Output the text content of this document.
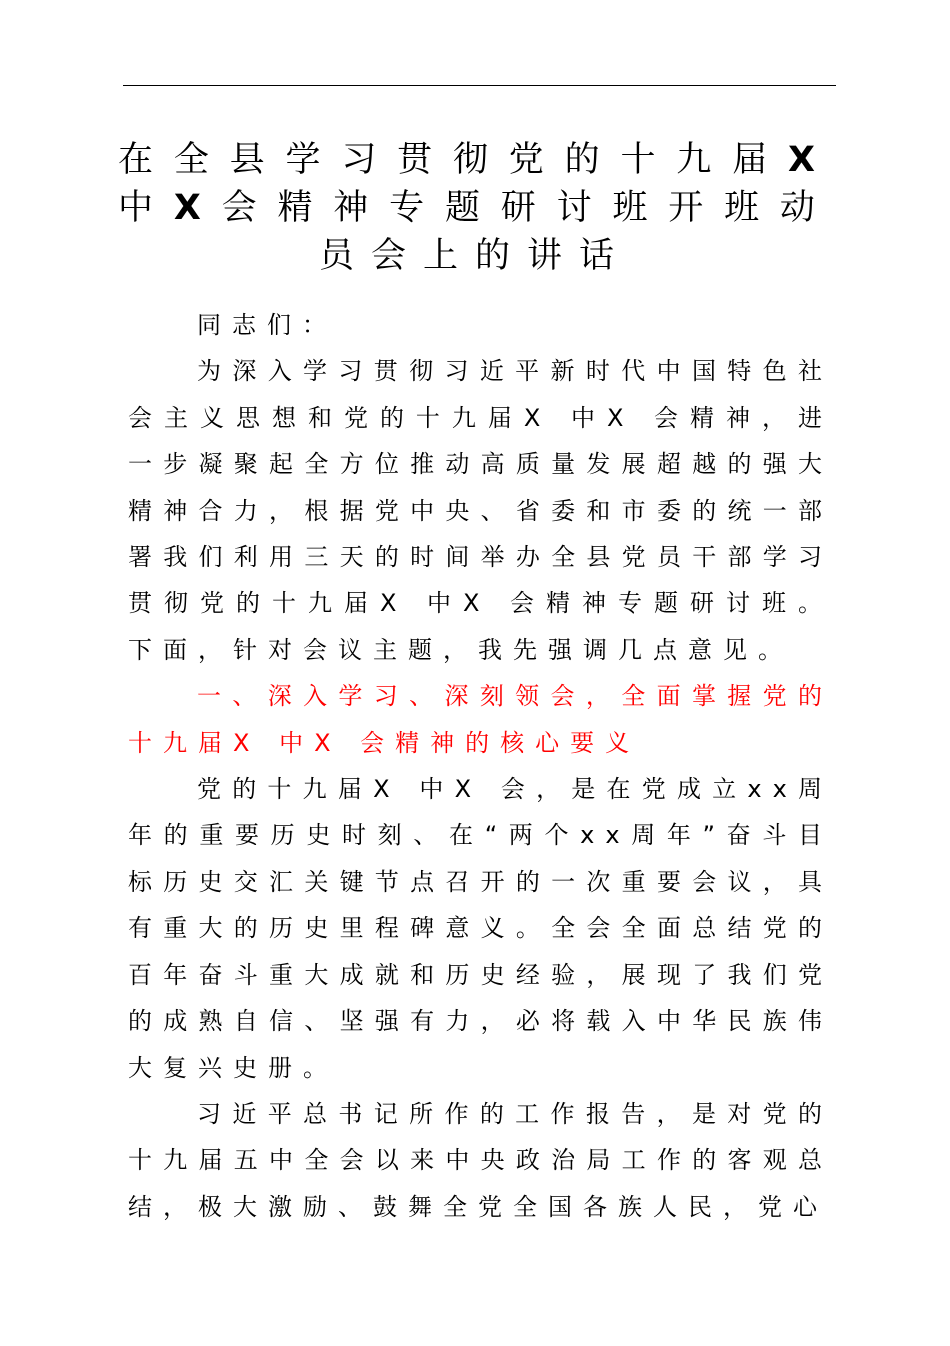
在全县学习贯彻党的十九届X中X会精神专题研讨班开班动员会上的讲话

同志们：

为深入学习贯彻习近平新时代中国特色社会主义思想和党的十九届X 中X 会精神，进一步凝聚起全方位推动高质量发展超越的强大精神合力，根据党中央、省委和市委的统一部署我们利用三天的时间举办全县党员干部学习贯彻党的十九届X 中X 会精神专题研讨班。下面，针对会议主题，我先强调几点意见。

一、深入学习、深刻领会，全面掌握党的十九届X 中X 会精神的核心要义

党的十九届X 中X 会，是在党成立xx周年的重要历史时刻、在“两个xx周年”奋斗目标历史交汇关键节点召开的一次重要会议，具有重大的历史里程碑意义。全会全面总结党的百年奋斗重大成就和历史经验，展现了我们党的成熟自信、坚强有力，必将载入中华民族伟大复兴史册。

习近平总书记所作的工作报告，是对党的十九届五中全会以来中央政治局工作的客观总结，极大激励、鼓舞全党全国各族人民，党心
